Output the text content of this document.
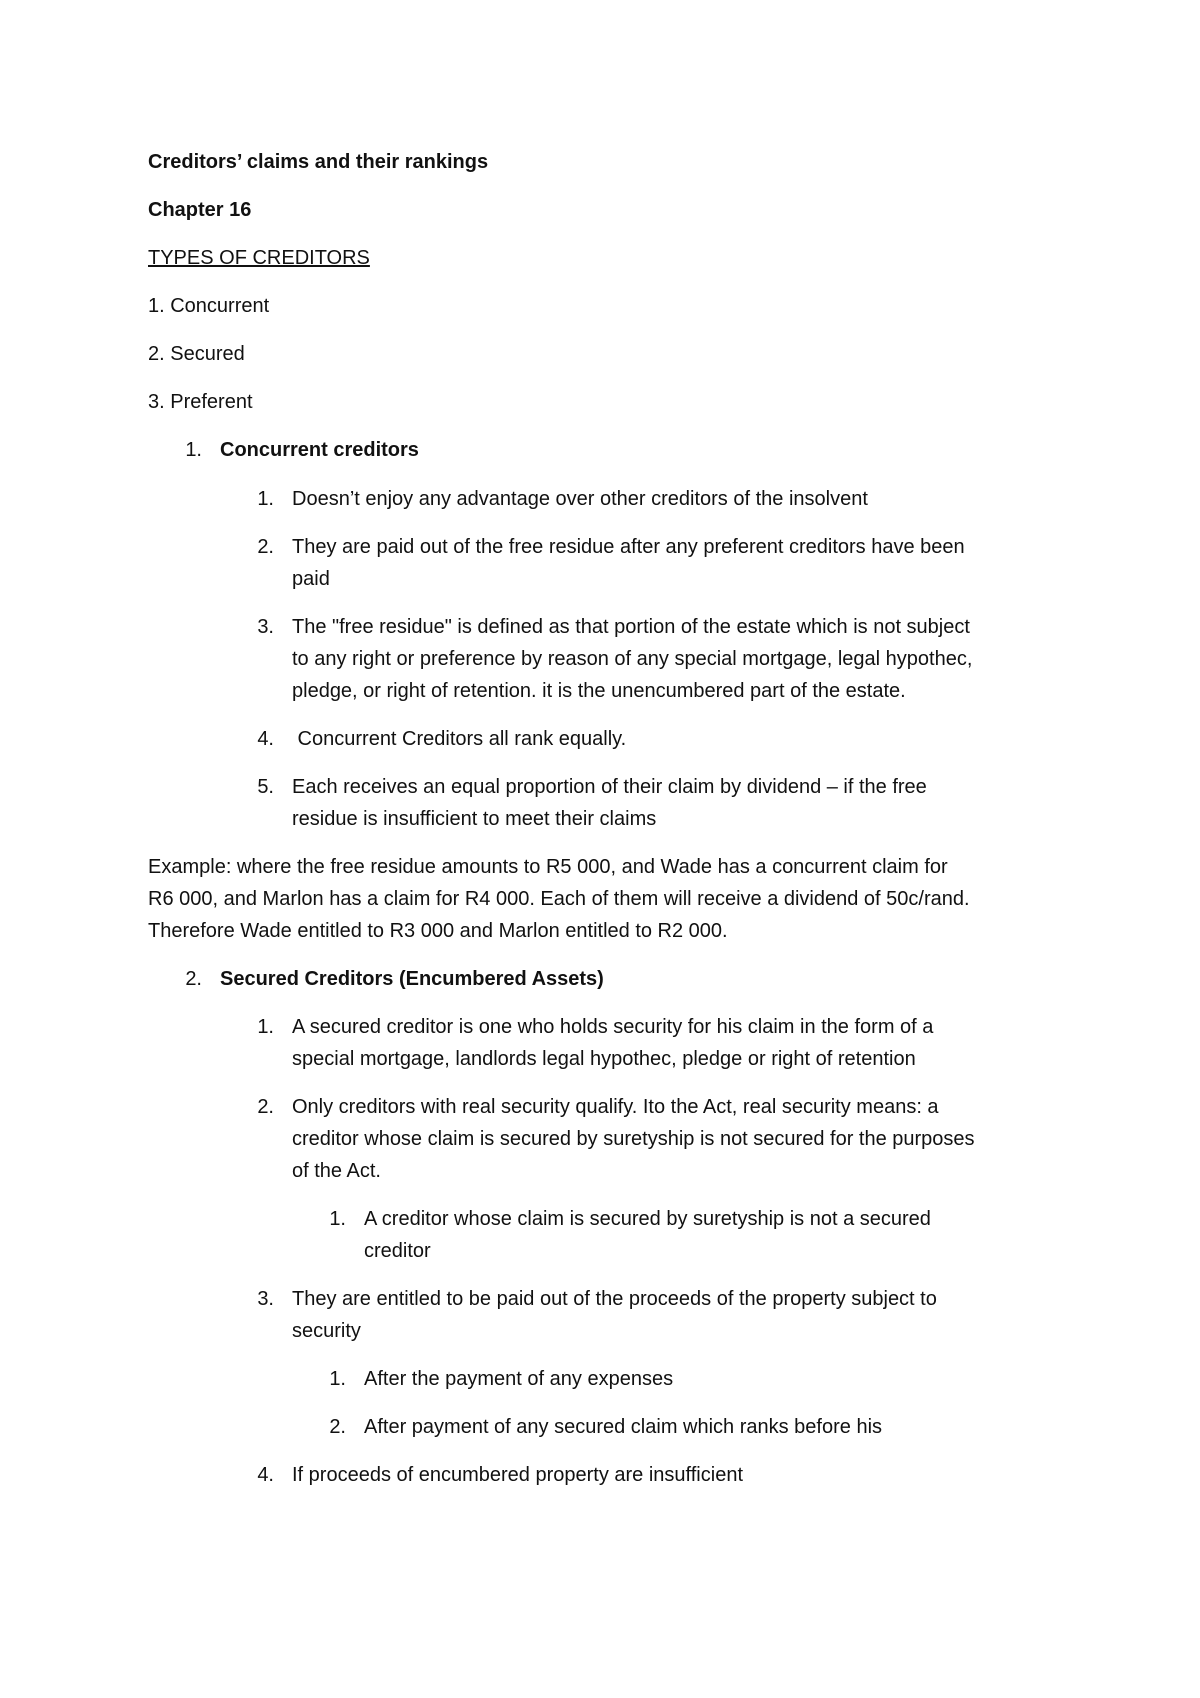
Creditors’ claims and their rankings
Chapter 16
TYPES OF CREDITORS
1. Concurrent
2. Secured
3. Preferent
1. Concurrent creditors
1. Doesn’t enjoy any advantage over other creditors of the insolvent
2. They are paid out of the free residue after any preferent creditors have been
paid
3. The "free residue" is defined as that portion of the estate which is not subject
to any right or preference by reason of any special mortgage, legal hypothec,
pledge, or right of retention. it is the unencumbered part of the estate.
4. Concurrent Creditors all rank equally.
5. Each receives an equal proportion of their claim by dividend – if the free
residue is insufficient to meet their claims
Example: where the free residue amounts to R5 000, and Wade has a concurrent claim for
R6 000, and Marlon has a claim for R4 000. Each of them will receive a dividend of 50c/rand.
Therefore Wade entitled to R3 000 and Marlon entitled to R2 000.
2. Secured Creditors (Encumbered Assets)
1. A secured creditor is one who holds security for his claim in the form of a
special mortgage, landlords legal hypothec, pledge or right of retention
2. Only creditors with real security qualify. Ito the Act, real security means: a
creditor whose claim is secured by suretyship is not secured for the purposes
of the Act.
1. A creditor whose claim is secured by suretyship is not a secured
creditor
3. They are entitled to be paid out of the proceeds of the property subject to
security
1. After the payment of any expenses
2. After payment of any secured claim which ranks before his
4. If proceeds of encumbered property are insufficient
